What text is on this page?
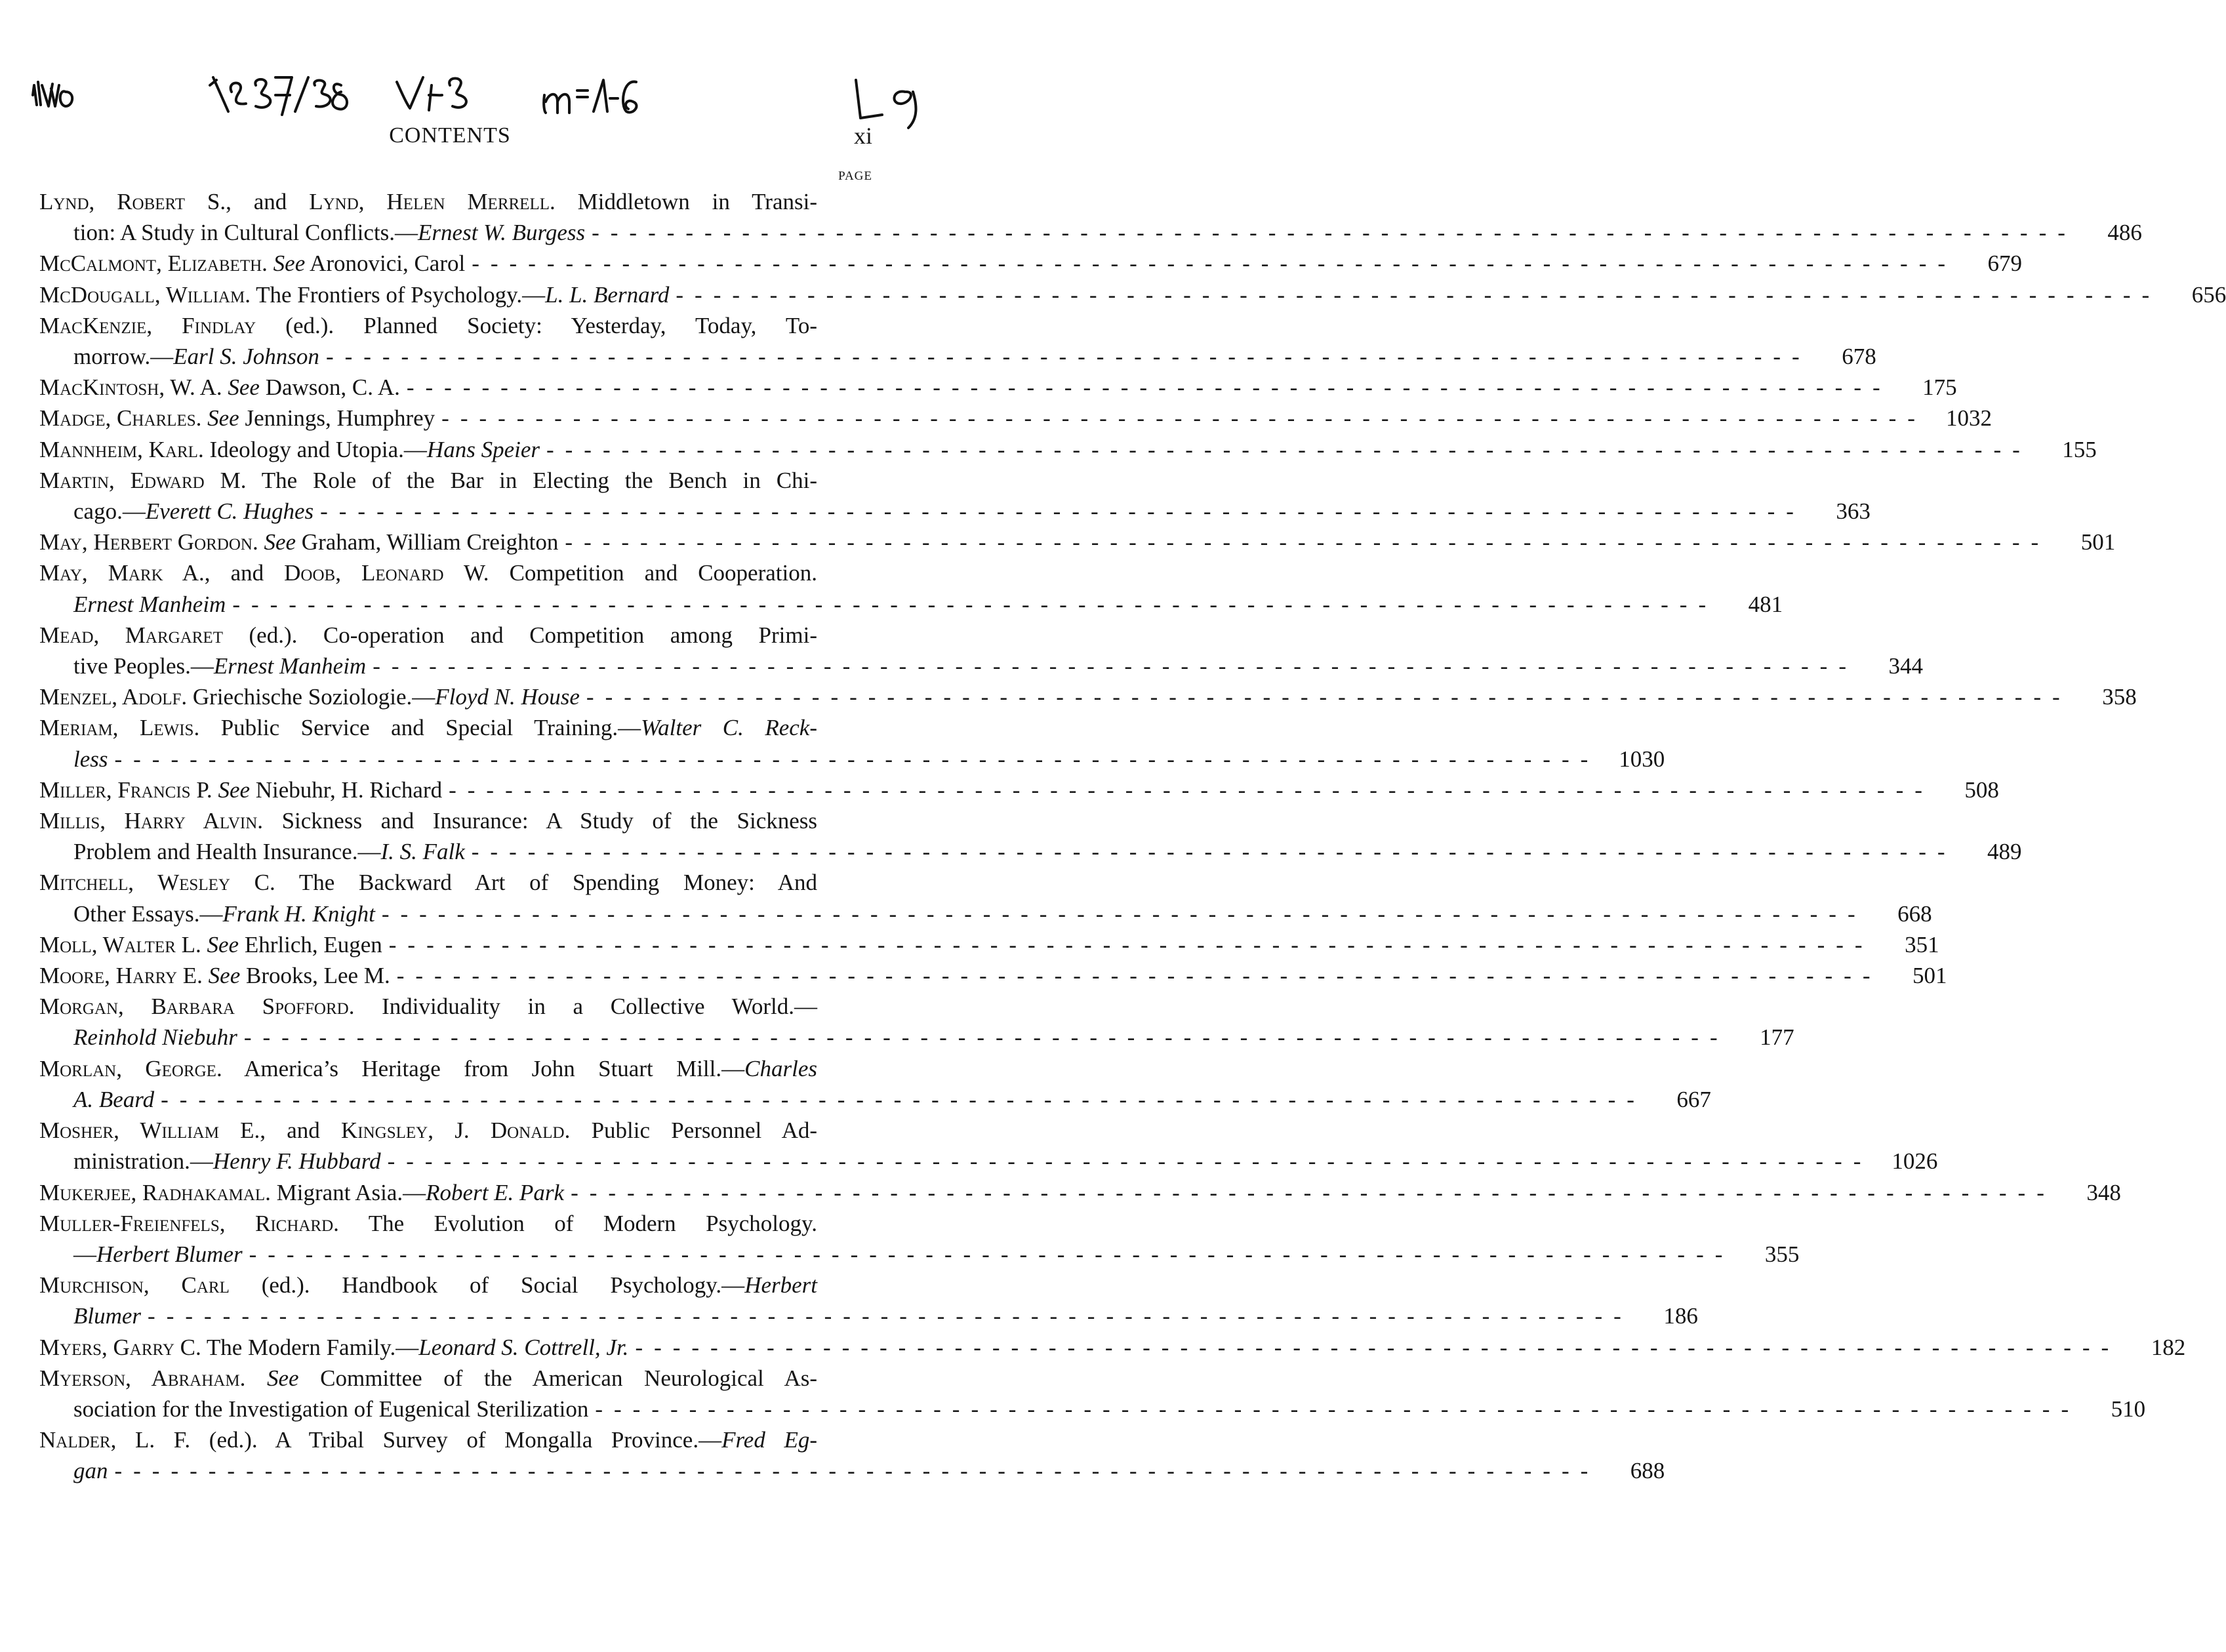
CONTENTS	xi
PAGE
Lynd, Robert S., and Lynd, Helen Merrell. Middletown in Transi-
tion: A Study in Cultural Conflicts.—Ernest W. Burgess -------------------------------------------------------------------------------	486
McCalmont, Elizabeth. See Aronovici, Carol -------------------------------------------------------------------------------	679
McDougall, William. The Frontiers of Psychology.—L. L. Bernard -------------------------------------------------------------------------------	656
MacKenzie, Findlay (ed.). Planned Society: Yesterday, Today, To-
morrow.—Earl S. Johnson -------------------------------------------------------------------------------	678
MacKintosh, W. A. See Dawson, C. A. -------------------------------------------------------------------------------	175
Madge, Charles. See Jennings, Humphrey ------------------------------------------------------------------------------- 1032
Mannheim, Karl. Ideology and Utopia.—Hans Speier -------------------------------------------------------------------------------	155
Martin, Edward M. The Role of the Bar in Electing the Bench in Chi-
cago.—Everett C. Hughes -------------------------------------------------------------------------------	363
May, Herbert Gordon. See Graham, William Creighton -------------------------------------------------------------------------------	501
May, Mark A., and Doob, Leonard W. Competition and Cooperation.
Ernest Manheim -------------------------------------------------------------------------------	481
Mead, Margaret (ed.). Co-operation and Competition among Primi-
tive Peoples.—Ernest Manheim -------------------------------------------------------------------------------	344
Menzel, Adolf. Griechische Soziologie.—Floyd N. House -------------------------------------------------------------------------------	358
Meriam, Lewis. Public Service and Special Training.—Walter C. Reck-
less ------------------------------------------------------------------------------- 1030
Miller, Francis P. See Niebuhr, H. Richard -------------------------------------------------------------------------------	508
Millis, Harry Alvin. Sickness and Insurance: A Study of the Sickness
Problem and Health Insurance.—I. S. Falk -------------------------------------------------------------------------------	489
Mitchell, Wesley C. The Backward Art of Spending Money: And
Other Essays.—Frank H. Knight -------------------------------------------------------------------------------	668
Moll, Walter L. See Ehrlich, Eugen -------------------------------------------------------------------------------	351
Moore, Harry E. See Brooks, Lee M. -------------------------------------------------------------------------------	501
Morgan, Barbara Spofford. Individuality in a Collective World.—
Reinhold Niebuhr -------------------------------------------------------------------------------	177
Morlan, George. America’s Heritage from John Stuart Mill.—Charles
A. Beard -------------------------------------------------------------------------------	667
Mosher, William E., and Kingsley, J. Donald. Public Personnel Ad-
ministration.—Henry F. Hubbard ------------------------------------------------------------------------------- 1026
Mukerjee, Radhakamal. Migrant Asia.—Robert E. Park -------------------------------------------------------------------------------	348
Muller-Freienfels, Richard. The Evolution of Modern Psychology.
—Herbert Blumer -------------------------------------------------------------------------------	355
Murchison, Carl (ed.). Handbook of Social Psychology.—Herbert
Blumer -------------------------------------------------------------------------------	186
Myers, Garry C. The Modern Family.—Leonard S. Cottrell, Jr. -------------------------------------------------------------------------------	182
Myerson, Abraham. See Committee of the American Neurological As-
sociation for the Investigation of Eugenical Sterilization -------------------------------------------------------------------------------	510
Nalder, L. F. (ed.). A Tribal Survey of Mongalla Province.—Fred Eg-
gan -------------------------------------------------------------------------------	688
